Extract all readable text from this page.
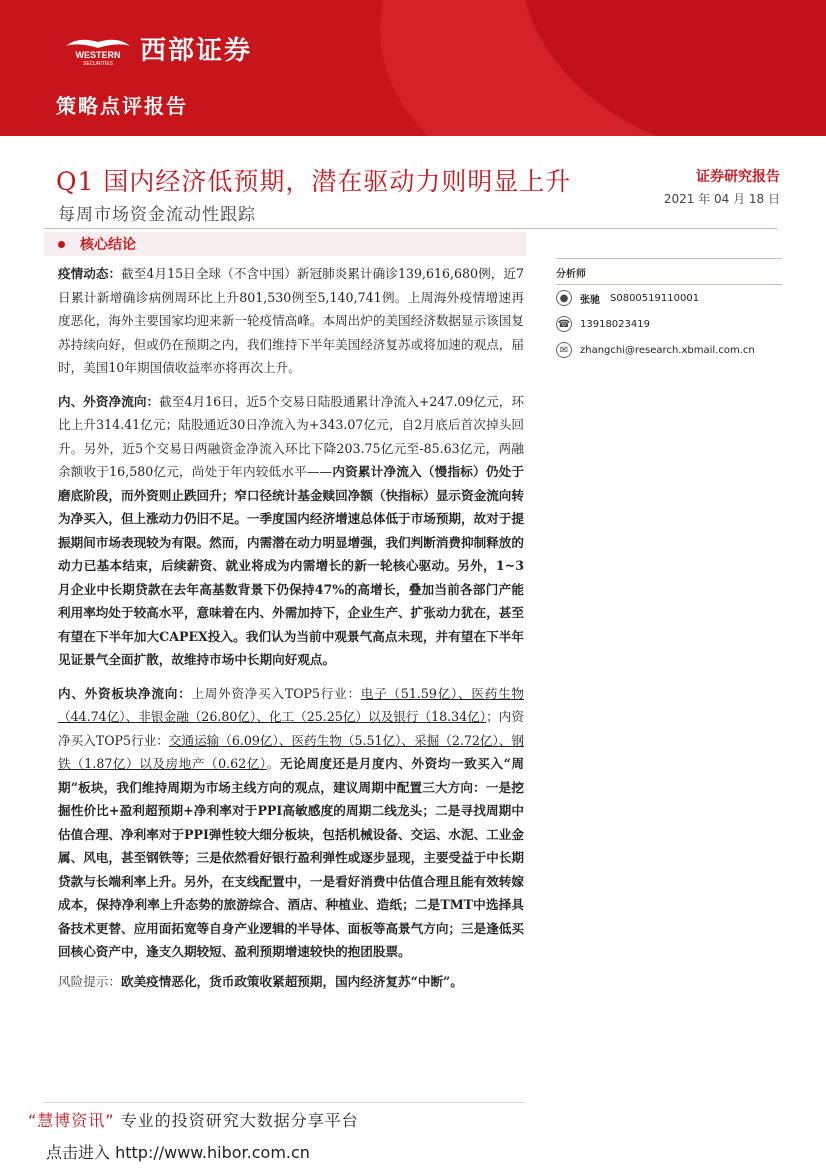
WESTERN
SECURITIES 西部证券
策略点评报告
Q1 国内经济低预期，潜在驱动力则明显上升
每周市场资金流动性跟踪
证券研究报告
2021 年 04 月 18 日
核心结论

疫情动态：截至4月15日全球（不含中国）新冠肺炎累计确诊139,616,680例，近7日累计新增确诊病例周环比上升801,530例至5,140,741例。上周海外疫情增速再度恶化，海外主要国家均迎来新一轮疫情高峰。本周出炉的美国经济数据显示该国复苏持续向好，但或仍在预期之内，我们维持下半年美国经济复苏或将加速的观点，届时，美国10年期国债收益率亦将再次上升。

内、外资净流向：截至4月16日，近5个交易日陆股通累计净流入+247.09亿元，环比上升314.41亿元；陆股通近30日净流入为+343.07亿元，自2月底后首次掉头回升。另外，近5个交易日两融资金净流入环比下降203.75亿元至-85.63亿元，两融余额收于16,580亿元，尚处于年内较低水平——内资累计净流入（慢指标）仍处于磨底阶段，而外资则止跌回升；窄口径统计基金赎回净额（快指标）显示资金流向转为净买入，但上涨动力仍旧不足。一季度国内经济增速总体低于市场预期，故对于提振期间市场表现较为有限。然而，内需潜在动力明显增强，我们判断消费抑制释放的动力已基本结束，后续薪资、就业将成为内需增长的新一轮核心驱动。另外，1~3月企业中长期贷款在去年高基数背景下仍保持47%的高增长，叠加当前各部门产能利用率均处于较高水平，意味着在内、外需加持下，企业生产、扩张动力犹在，甚至有望在下半年加大CAPEX投入。我们认为当前中观景气高点未现，并有望在下半年见证景气全面扩散，故维持市场中长期向好观点。

内、外资板块净流向：上周外资净买入TOP5行业：电子（51.59亿）、医药生物（44.74亿）、非银金融（26.80亿）、化工（25.25亿）以及银行（18.34亿）；内资净买入TOP5行业：交通运输（6.09亿）、医药生物（5.51亿）、采掘（2.72亿）、钢铁（1.87亿）以及房地产（0.62亿）。无论周度还是月度内、外资均一致买入“周期”板块，我们维持周期为市场主线方向的观点，建议周期中配置三大方向：一是挖掘性价比+盈利超预期+净利率对于PPI高敏感度的周期二线龙头；二是寻找周期中估值合理、净利率对于PPI弹性较大细分板块，包括机械设备、交运、水泥、工业金属、风电，甚至钢铁等；三是依然看好银行盈利弹性或逐步显现，主要受益于中长期贷款与长端利率上升。另外，在支线配置中，一是看好消费中估值合理且能有效转嫁成本，保持净利率上升态势的旅游综合、酒店、种植业、造纸；二是TMT中选择具备技术更替、应用面拓宽等自身产业逻辑的半导体、面板等高景气方向；三是逢低买回核心资产中，逢支久期较短、盈利预期增速较快的抱团股票。

风险提示：欧美疫情恶化，货币政策收紧超预期，国内经济复苏“中断”。

分析师
●	张驰 S0800519110001
☎ 13918023419
✉	zhangchi@research.xbmail.com.cn
“慧博资讯” 专业的投资研究大数据分享平台
点击进入 http://www.hibor.com.cn
